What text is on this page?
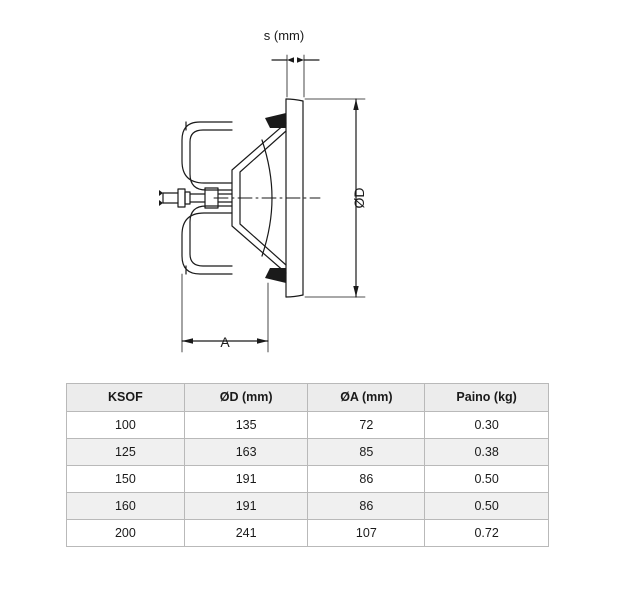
s (mm)
ØD
A
KSOF	ØD (mm)	ØA (mm)	Paino (kg)
100	135	72	0.30
125	163	85	0.38
150	191	86	0.50
160	191	86	0.50
200	241	107	0.72
